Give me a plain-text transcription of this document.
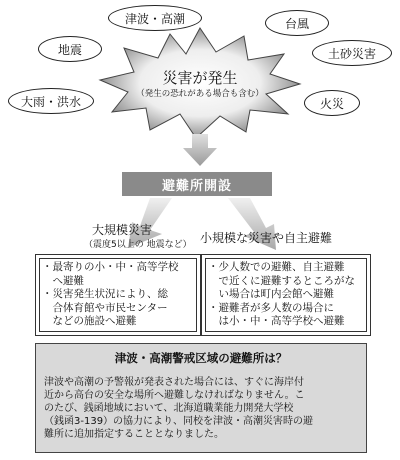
津波・高潮	台風
地震	土砂災害
大雨・洪水	火災
災害が発生
（発生の恐れがある場合も含む）
避難所開設
大規模災害
（震度5以上の 地震など） 小規模な災害や自主避難
・最寄りの小・中・高等学校
　へ避難
・災害発生状況により、総
　合体育館や市民センター
　などの施設へ避難
・少人数での避難、自主避難
　で近くに避難するところがな
　い場合は町内会館へ避難
・避難者が多人数の場合に
　は小・中・高等学校へ避難
津波・高潮警戒区域の避難所は？
津波や高潮の予警報が発表された場合には、すぐに海岸付
近から高台の安全な場所へ避難しなければなりません。こ
のたび、銭函地域において、北海道職業能力開発大学校
（銭函3-139）の協力により、同校を津波・高潮災害時の避
難所に追加指定することとなりました。
